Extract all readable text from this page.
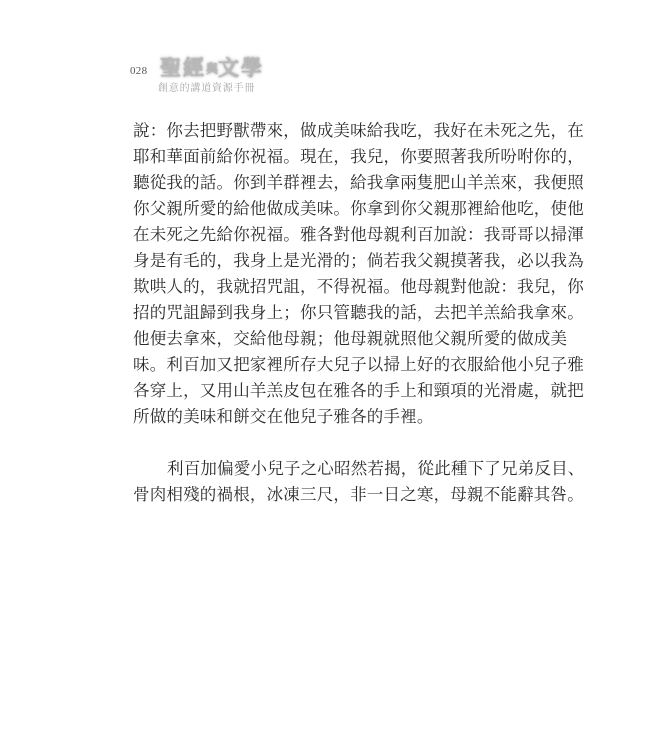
028 聖經與文學
創意的講道資源手冊

說：你去把野獸帶來，做成美味給我吃，我好在未死之先，在
耶和華面前給你祝福。現在，我兒，你要照著我所吩咐你的，
聽從我的話。你到羊群裡去，給我拿兩隻肥山羊羔來，我便照
你父親所愛的給他做成美味。你拿到你父親那裡給他吃，使他
在未死之先給你祝福。雅各對他母親利百加說：我哥哥以掃渾
身是有毛的，我身上是光滑的；倘若我父親摸著我，必以我為
欺哄人的，我就招咒詛，不得祝福。他母親對他說：我兒，你
招的咒詛歸到我身上；你只管聽我的話，去把羊羔給我拿來。
他便去拿來，交給他母親；他母親就照他父親所愛的做成美
味。利百加又把家裡所存大兒子以掃上好的衣服給他小兒子雅
各穿上，又用山羊羔皮包在雅各的手上和頸項的光滑處，就把
所做的美味和餅交在他兒子雅各的手裡。

利百加偏愛小兒子之心昭然若揭，從此種下了兄弟反目、
骨肉相殘的禍根，冰凍三尺，非一日之寒，母親不能辭其咎。
